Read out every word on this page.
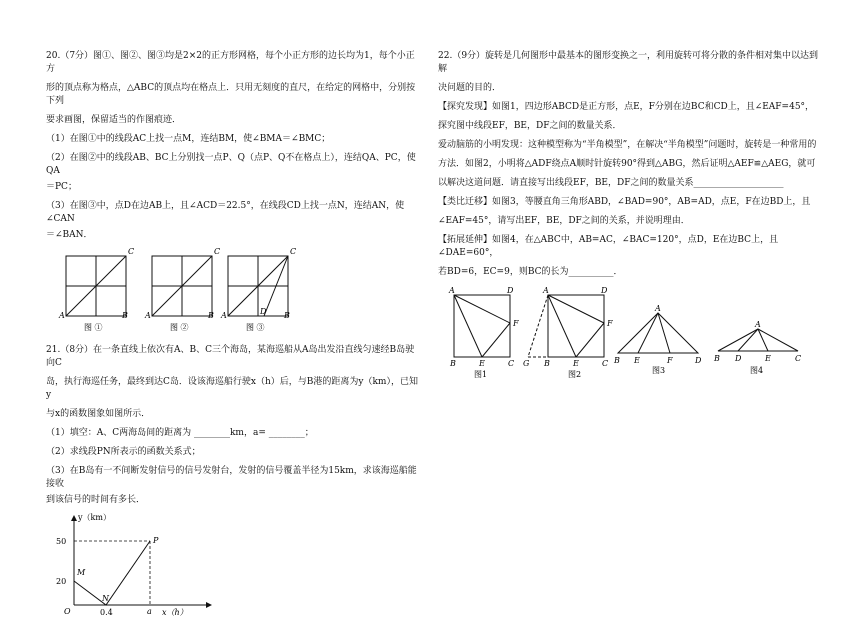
20.（7分）图①、图②、图③均是2×2的正方形网格，每个小正方形的边长均为1，每个小正方

形的顶点称为格点，△ABC的顶点均在格点上．只用无刻度的直尺，在给定的网格中，分别按下列

要求画图，保留适当的作图痕迹．

（1）在图①中的线段AC上找一点M，连结BM，使∠BMA＝∠BMC；

（2）在图②中的线段AB、BC上分别找一点P、Q（点P、Q不在格点上），连结QA、PC，使QA

＝PC；

（3）在图③中，点D在边AB上，且∠ACD＝22.5°，在线段CD上找一点N，连结AN，使∠CAN

＝∠BAN．

A	B
C
图 ①
A	B
C
图 ②
A	B
C
D
图 ③

21.（8分）在一条直线上依次有A、B、C三个海岛，某海巡船从A岛出发沿直线匀速经B岛驶向C

岛，执行海巡任务，最终到达C岛．设该海巡船行驶x（h）后，与B港的距离为y（km），已知y

与x的函数图象如图所示．

（1）填空：A、C两海岛间的距离为 ________km，a= ________；

（2）求线段PN所表示的函数关系式；

（3）在B岛有一不间断发射信号的信号发射台，发射的信号覆盖半径为15km，求该海巡船能接收

到该信号的时间有多长．

y（km）
x（h）
50
20
0.4	a
O
M
N
P

22.（9分）旋转是几何图形中最基本的图形变换之一，利用旋转可将分散的条件相对集中以达到解

决问题的目的．

【探究发现】如图1，四边形ABCD是正方形，点E，F分别在边BC和CD上，且∠EAF=45°，

探究图中线段EF，BE，DF之间的数量关系．

爱动脑筋的小明发现：这种模型称为“半角模型”，在解决“半角模型”问题时，旋转是一种常用的

方法．如图2，小明将△ADF绕点A顺时针旋转90°得到△ABG，然后证明△AEF≌△AEG，就可

以解决这道问题．请直接写出线段EF，BE，DF之间的数量关系____________________

【类比迁移】如图3，等腰直角三角形ABD，∠BAD=90°，AB=AD，点E，F在边BD上，且

∠EAF=45°，请写出EF，BE，DF之间的关系，并说明理由．

【拓展延伸】如图4，在△ABC中，AB=AC，∠BAC=120°，点D，E在边BC上，且∠DAE=60°，

若BD=6，EC=9，则BC的长为__________．

A	D
B	E	C
F
图1
A	D
G B	E	C
F
图2
A
B E	F	D
图3
A
B D	E	C
图4
